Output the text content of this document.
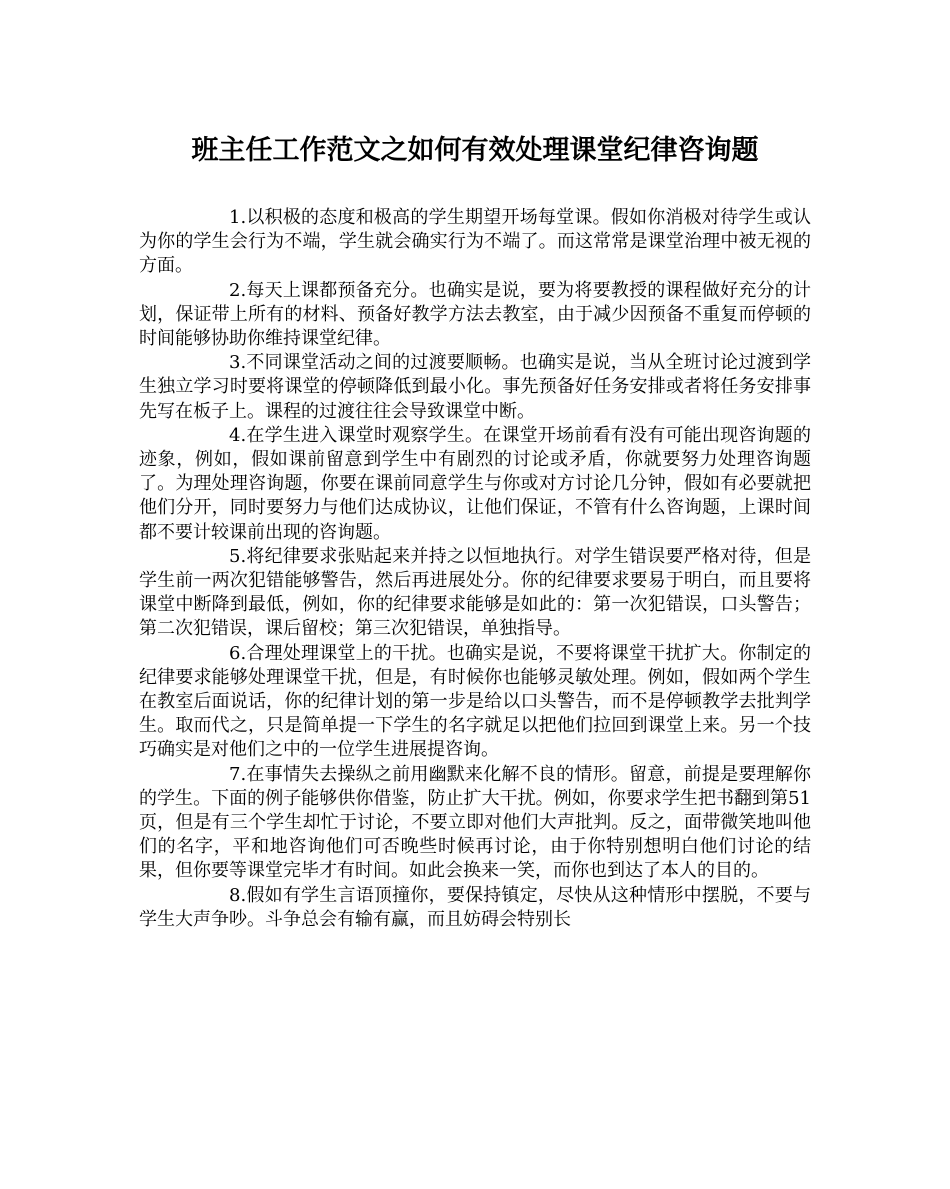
班主任工作范文之如何有效处理课堂纪律咨询题

1.以积极的态度和极高的学生期望开场每堂课。假如你消极对待学生或认为你的学生会行为不端，学生就会确实行为不端了。而这常常是课堂治理中被无视的方面。

2.每天上课都预备充分。也确实是说，要为将要教授的课程做好充分的计划，保证带上所有的材料、预备好教学方法去教室，由于减少因预备不重复而停顿的时间能够协助你维持课堂纪律。

3.不同课堂活动之间的过渡要顺畅。也确实是说，当从全班讨论过渡到学生独立学习时要将课堂的停顿降低到最小化。事先预备好任务安排或者将任务安排事先写在板子上。课程的过渡往往会导致课堂中断。

4.在学生进入课堂时观察学生。在课堂开场前看有没有可能出现咨询题的迹象，例如，假如课前留意到学生中有剧烈的讨论或矛盾，你就要努力处理咨询题了。为理处理咨询题，你要在课前同意学生与你或对方讨论几分钟，假如有必要就把他们分开，同时要努力与他们达成协议，让他们保证，不管有什么咨询题，上课时间都不要计较课前出现的咨询题。

5.将纪律要求张贴起来并持之以恒地执行。对学生错误要严格对待，但是学生前一两次犯错能够警告，然后再进展处分。你的纪律要求要易于明白，而且要将课堂中断降到最低，例如，你的纪律要求能够是如此的：第一次犯错误，口头警告；第二次犯错误，课后留校；第三次犯错误，单独指导。

6.合理处理课堂上的干扰。也确实是说，不要将课堂干扰扩大。你制定的纪律要求能够处理课堂干扰，但是，有时候你也能够灵敏处理。例如，假如两个学生在教室后面说话，你的纪律计划的第一步是给以口头警告，而不是停顿教学去批判学生。取而代之，只是简单提一下学生的名字就足以把他们拉回到课堂上来。另一个技巧确实是对他们之中的一位学生进展提咨询。

7.在事情失去操纵之前用幽默来化解不良的情形。留意，前提是要理解你的学生。下面的例子能够供你借鉴，防止扩大干扰。例如，你要求学生把书翻到第51页，但是有三个学生却忙于讨论，不要立即对他们大声批判。反之，面带微笑地叫他们的名字，平和地咨询他们可否晚些时候再讨论，由于你特别想明白他们讨论的结果，但你要等课堂完毕才有时间。如此会换来一笑，而你也到达了本人的目的。

8.假如有学生言语顶撞你，要保持镇定，尽快从这种情形中摆脱，不要与学生大声争吵。斗争总会有输有赢，而且妨碍会特别长
